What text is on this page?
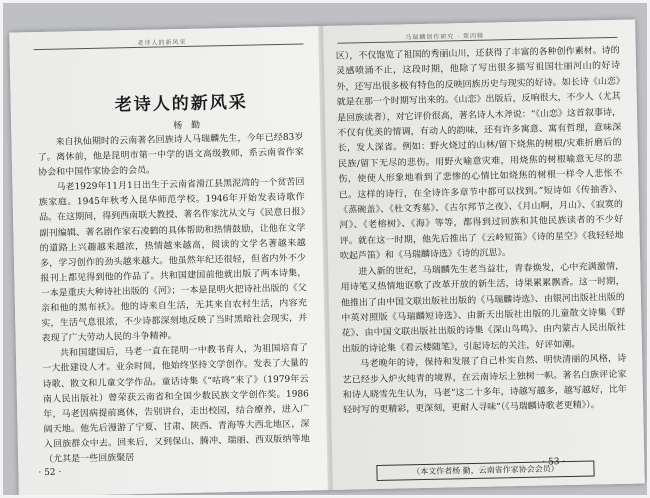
老诗人的新风采
老诗人的新风采
杨 勤

来自执仙期时的云南著名回族诗人马瑞麟先生，今年已经83岁了。离休前，他是昆明市第一中学的语文高级教师，系云南省作家协会和中国作家协会的会员。

马老1929年11月1日出生于云南省滑江县黑泥湾的一个贫苦回族家庭。1945年秋考入昆华师范学校。1946年开始发表诗歌作品。在这期间，得到西南联大教授、著名作家沈从文与《民意日报》副刊编辑、著名剧作家石凌鹤的具体帮助和热情鼓励，让他在文学的道路上兴趣越来越浓，热情越来越高，阅读的文学名著越来越多，学习创作的劲头越来越大。他虽然年纪还很轻，但省内外不少报刊上都见得到他的作品了。共和国建国前他就出版了两本诗集，一本是重庆大种诗社出版的《河》；一本是昆明火把诗社出版的《父亲和他的黑布袄》。他的诗来自生活，无其来自农村生活，内容充实，生活气息很浓，不少诗都深刻地反映了当时黑暗社会现实，并表现了广大劳动人民的斗争精神。

共和国建国后，马老一直在昆明一中教书育人，为祖国培育了一大批建设人才。业余时间，他始终坚持文学创作。发表了大量的诗歌、散文和儿童文学作品。童话诗集《“咕咚”来了》（1979年云南人民出版社）曾荣获云南省和全国少数民族文学创作奖。1986年，马老因病提前离休，告别讲台，走出校园，结合療养，进入广阔天地。他先后漫游了宁夏、甘肃、陕西、青海等大西北地区，深入回族群众中去。回来后，又到保山、腾冲、瑞丽、西双版纳等地（尤其是一些回族聚居

· 52 ·
马瑞麟创作研究 · 第四辑

区），不仅饱览了祖国的秀丽山川，还获得了丰富的各种创作素材。诗的灵感喷涌不止，这段时期，他除了写出很多描写祖国壮丽河山的好诗外，还写出很多极有特色的反映回族历史与现实的好诗。如长诗《山恋》就是在那一个时期写出来的。《山恋》出版后，反响很大，不少人（尤其是回族读者），对它评价很高，著名诗人木斧说：“《山恋》这首叙事诗，不仅有优美的情调，有动人的韵味，还有许多寓意、寓有哲理，意味深长，发人深省。例如：野火烧过的山林/留下烧焦的树根/灾难折磨后的民族/留下无尽的悲伤。用野火喻意灾难，用烧焦的树根喻意无尽的悲伤，使使人形象地看到了悲惨的心情比如烧焦的树根一样令人悲怅不已。这样的诗行，在全诗许多章节中都可以找到。”短诗如《传抽香》、《蒸碗盖》、《杜文秀墓》、《古尔邦节之夜》、《月山啊，月山》、《寂寞的河》、《老榕树》、《海》等等，都得到过回族和其他民族读者的不少好评。就在这一时期，他先后推出了《云岭短笛》《诗的星空》《我轻轻地吹起芦笛》和《马瑞麟诗选》《诗的沉思》。

进入新的世纪，马瑞麟先生老当益壮，青春焕发，心中充满激情，用诗笔又热情地讴歌了改革开放的新生活，诗果累累飘香。这一时期，他推出了由中国文联出版社出版的《马瑞麟诗选》、由银河出版社出版的中英对照版《马瑞麟短诗选》、由新天出版社出版的儿童散文诗集《野花》、由中国文联出版社出版的诗集《深山鸟鸣》、由内蒙古人民出版社出版的诗论集《看云楼随笔》，引起诗坛的关注，好评如潮。

马老晚年的诗，保持和发展了自己朴实自然、明快清丽的风格，诗艺已经步入炉火纯青的境界，在云南诗坛上独树一帜。著名白族评论家和诗人晓雪先生认为，马老“这二十多年，诗越写越多，越写越好，比年轻时写的更精彩，更深刻，更耐人寻味”（《马瑞麟诗歌老更精》）。

（本文作者杨 勤，云南省作家协会会员）
· 53 ·
